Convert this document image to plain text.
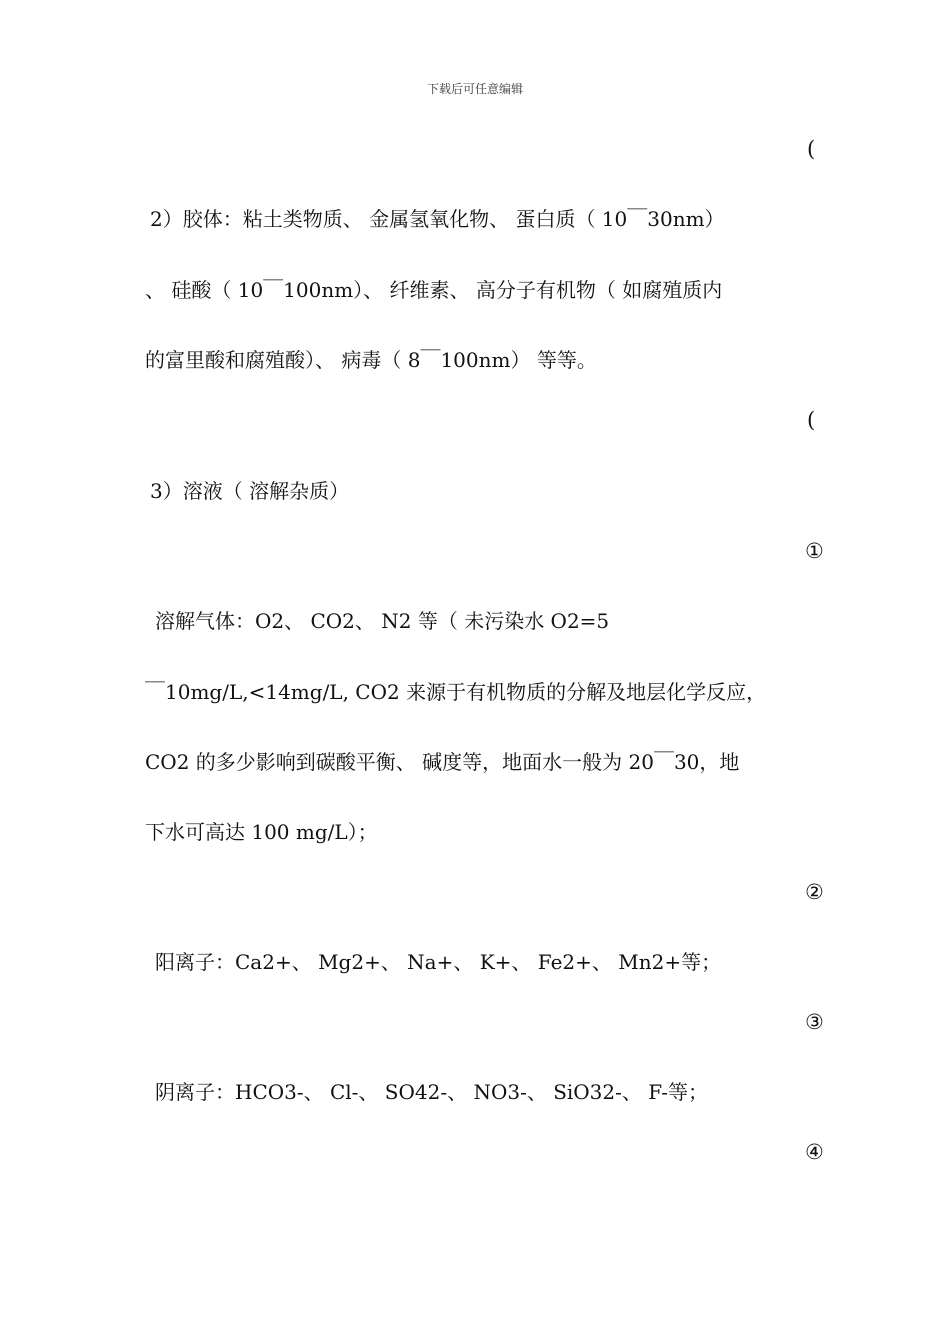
下载后可任意编辑
(
2）胶体：粘土类物质、 金属氢氧化物、 蛋白质（ 10￣30nm）
、 硅酸（ 10￣100nm）、 纤维素、 高分子有机物（ 如腐殖质内
的富里酸和腐殖酸）、 病毒（ 8￣100nm） 等等。
(
3）溶液（ 溶解杂质）
①
溶解气体：O2、 CO2、 N2 等（ 未污染水 O2=5
￣10mg/L,<14mg/L, CO2 来源于有机物质的分解及地层化学反应，
CO2 的多少影响到碳酸平衡、 碱度等，地面水一般为 20￣30，地
下水可高达 100 mg/L）；
②
阳离子：Ca2+、 Mg2+、 Na+、 K+、 Fe2+、 Mn2+等；
③
阴离子：HCO3-、 Cl-、 SO42-、 NO3-、 SiO32-、 F-等；
④
